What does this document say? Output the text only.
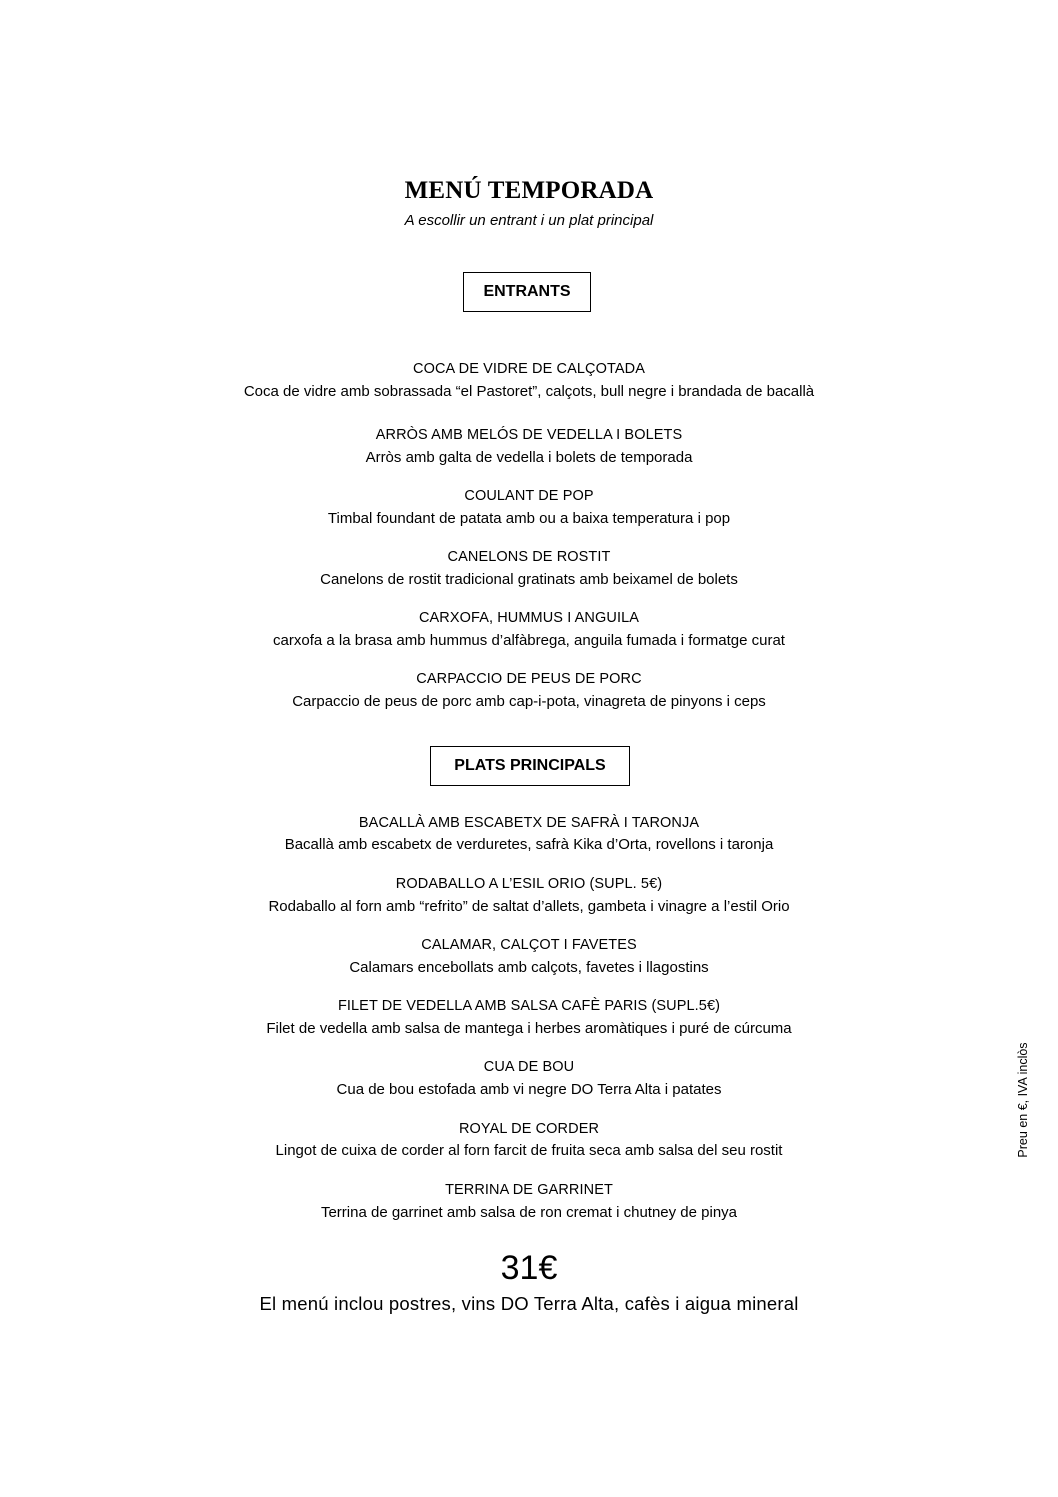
MENÚ TEMPORADA
A escollir un entrant i un plat principal
ENTRANTS
COCA DE VIDRE DE CALÇOTADA
Coca de vidre amb sobrassada “el Pastoret”, calçots, bull negre i brandada de bacallà
ARRÒS AMB MELÓS DE VEDELLA I BOLETS
Arròs amb galta de vedella i bolets de temporada
COULANT DE POP
Timbal foundant de patata amb ou a baixa temperatura i pop
CANELONS DE ROSTIT
Canelons de rostit tradicional gratinats amb beixamel de bolets
CARXOFA, HUMMUS I ANGUILA
carxofa a la brasa amb hummus d’alfàbrega, anguila fumada i formatge curat
CARPACCIO DE PEUS DE PORC
Carpaccio de peus de porc amb cap-i-pota, vinagreta de pinyons i ceps
PLATS PRINCIPALS
BACALLÀ AMB ESCABETX DE SAFRÀ I TARONJA
Bacallà amb escabetx de verduretes, safrà Kika d’Orta, rovellons i taronja
RODABALLO A L’ESIL ORIO (SUPL. 5€)
Rodaballo al forn amb “refrito” de saltat d’allets, gambeta i vinagre a l’estil Orio
CALAMAR, CALÇOT I FAVETES
Calamars encebollats amb calçots, favetes i llagostins
FILET DE VEDELLA AMB SALSA CAFÈ PARIS (SUPL.5€)
Filet de vedella amb salsa de mantega i herbes aromàtiques i puré de cúrcuma
CUA DE BOU
Cua de bou estofada amb vi negre DO Terra Alta i patates
ROYAL DE CORDER
Lingot de cuixa de corder al forn farcit de fruita seca amb salsa del seu rostit
TERRINA DE GARRINET
Terrina de garrinet amb salsa de ron cremat i chutney de pinya
31€
El menú inclou postres, vins DO Terra Alta, cafès i aigua mineral
Preu en €, IVA inclòs
